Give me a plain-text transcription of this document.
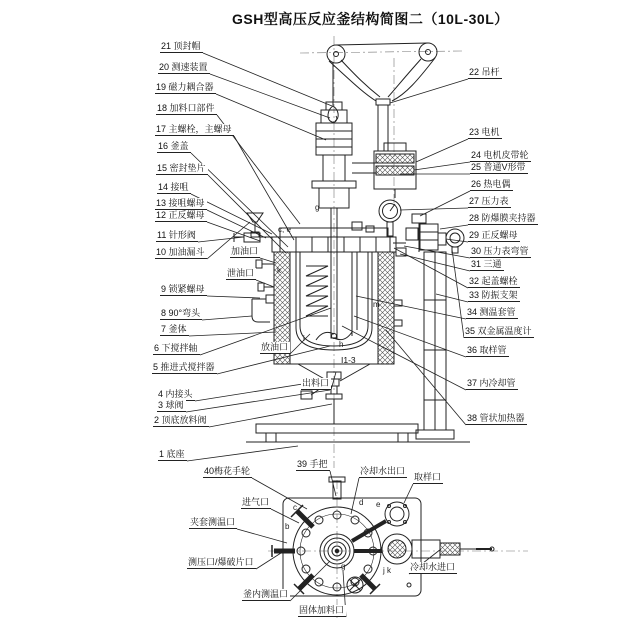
GSH型高压反应釜结构简图二（10L-30L）
21 顶封帽
20 测速装置
19 磁力耦合器
18 加料口部件
17 主螺栓，主螺母
16 釜盖
15 密封垫片
14 接咀
13 接咀螺母
12 正反螺母
11 针形阀
10 加油漏斗
9 锁紧螺母
8 90°弯头
7 釜体
6 下搅拌轴
5 推进式搅拌器
4 内接头
3 球阀
2 顶底放料阀
1 底座
22 吊杆
23 电机
24 电机皮带轮
25 普通V形带
26 热电偶
27 压力表
28 防爆膜夹持器
29 正反螺母
30 压力表弯管
31 三通
32 起盖螺栓
33 防振支架
34 测温套管
35 双金属温度计
36 取样管
37 内冷却管
38 管状加热器
加油口
泄油口
放油口
出料口
40梅花手轮
39 手把
冷却水出口
取样口
进气口
夹套测温口
测压口/爆破片口	冷却水进口
釜内测温口
固体加料口
c, e
g
k
m
i
h
c
b
d e
f
g	j k
I1-3
